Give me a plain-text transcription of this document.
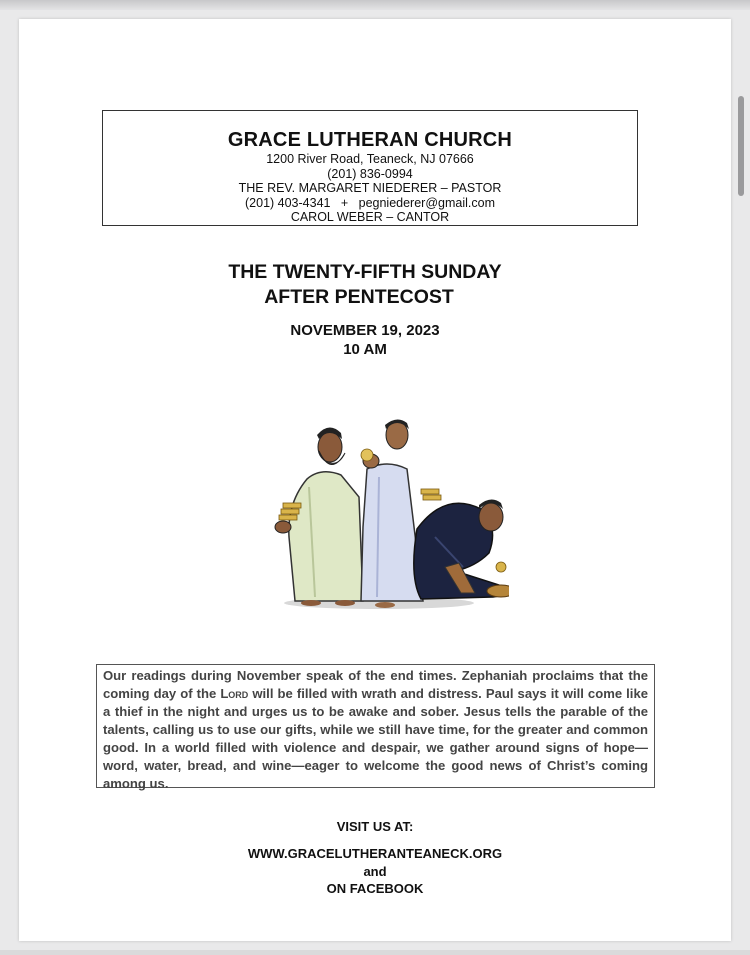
GRACE LUTHERAN CHURCH
1200 River Road, Teaneck, NJ 07666
(201) 836-0994
THE REV. MARGARET NIEDERER – PASTOR
(201) 403-4341   +   pegniederer@gmail.com
CAROL WEBER – CANTOR
THE TWENTY-FIFTH SUNDAY
AFTER PENTECOST
NOVEMBER 19, 2023
10 AM
Our readings during November speak of the end times. Zephaniah proclaims that the coming day of the Lord will be filled with wrath and distress. Paul says it will come like a thief in the night and urges us to be awake and sober. Jesus tells the parable of the talents, calling us to use our gifts, while we still have time, for the greater and common good. In a world filled with violence and despair, we gather around signs of hope—word, water, bread, and wine—eager to welcome the good news of Christ’s coming among us.
VISIT US AT:
WWW.GRACELUTHERANTEANECK.ORG
and
ON FACEBOOK
